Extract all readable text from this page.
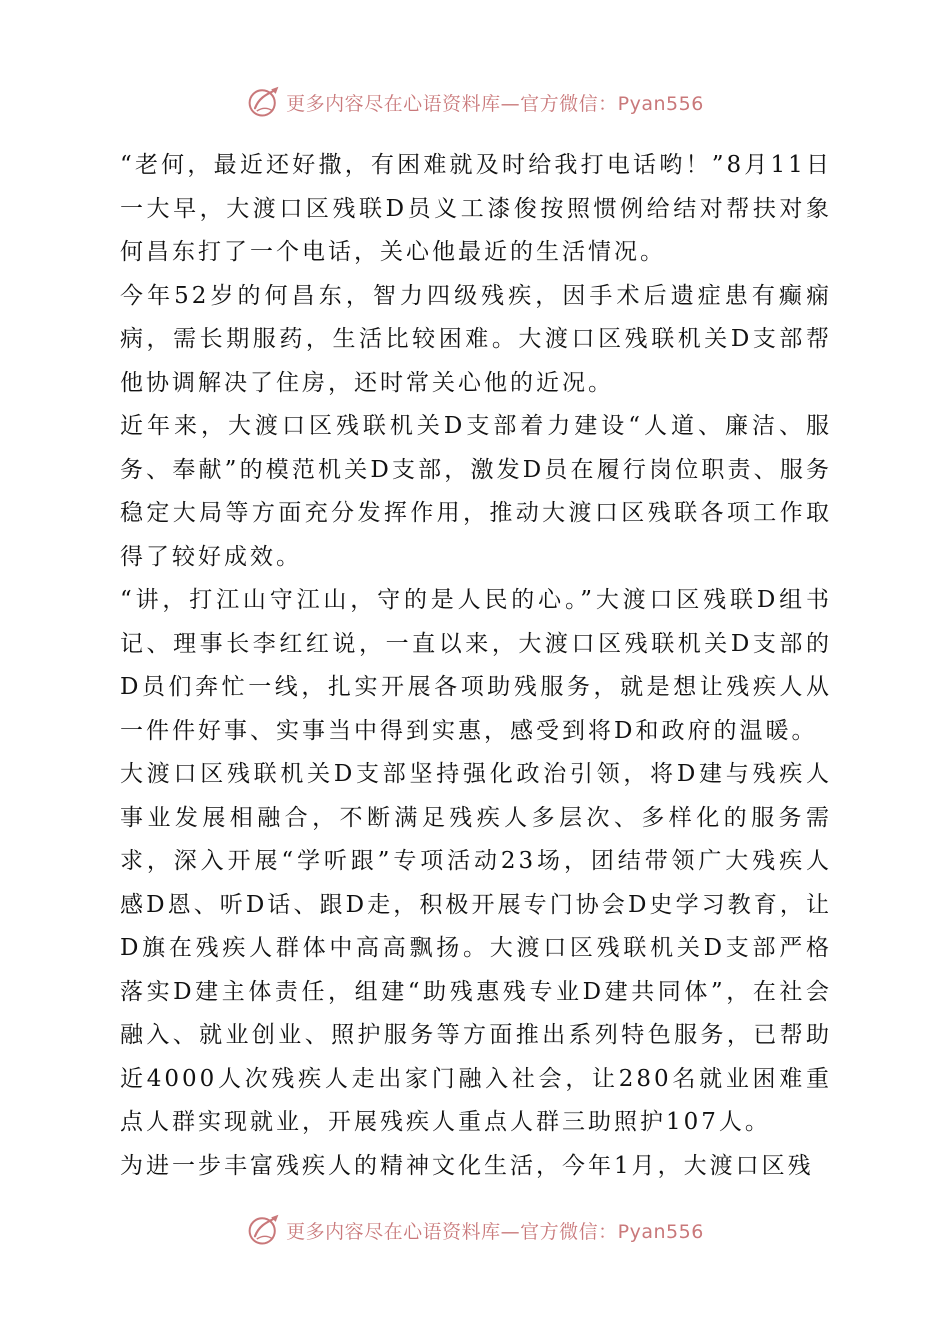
更多内容尽在心语资料库—官方微信：Pyan556

“老何，最近还好撒，有困难就及时给我打电话哟！”8月11日一大早，大渡口区残联D员义工漆俊按照惯例给结对帮扶对象何昌东打了一个电话，关心他最近的生活情况。

今年52岁的何昌东，智力四级残疾，因手术后遗症患有癫痫病，需长期服药，生活比较困难。大渡口区残联机关D支部帮他协调解决了住房，还时常关心他的近况。

近年来，大渡口区残联机关D支部着力建设“人道、廉洁、服务、奉献”的模范机关D支部，激发D员在履行岗位职责、服务稳定大局等方面充分发挥作用，推动大渡口区残联各项工作取得了较好成效。

“讲，打江山守江山，守的是人民的心。”大渡口区残联D组书记、理事长李红红说，一直以来，大渡口区残联机关D支部的D员们奔忙一线，扎实开展各项助残服务，就是想让残疾人从一件件好事、实事当中得到实惠，感受到将D和政府的温暖。

大渡口区残联机关D支部坚持强化政治引领，将D建与残疾人事业发展相融合，不断满足残疾人多层次、多样化的服务需求，深入开展“学听跟”专项活动23场，团结带领广大残疾人感D恩、听D话、跟D走，积极开展专门协会D史学习教育，让D旗在残疾人群体中高高飘扬。大渡口区残联机关D支部严格落实D建主体责任，组建“助残惠残专业D建共同体”，在社会融入、就业创业、照护服务等方面推出系列特色服务，已帮助近4000人次残疾人走出家门融入社会，让280名就业困难重点人群实现就业，开展残疾人重点人群三助照护107人。

为进一步丰富残疾人的精神文化生活，今年1月，大渡口区残

更多内容尽在心语资料库—官方微信：Pyan556
